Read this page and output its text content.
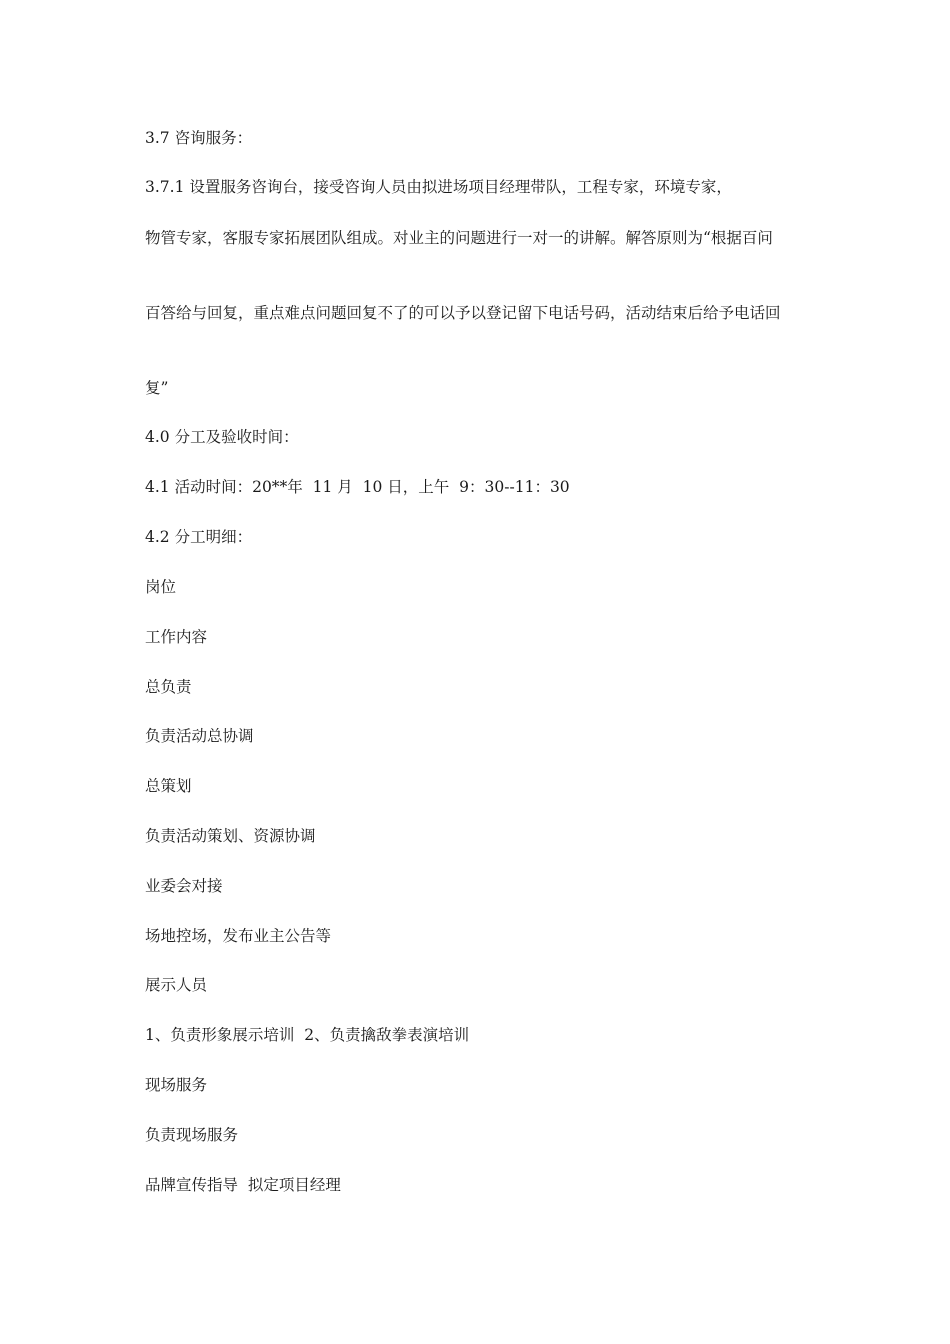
3.7 咨询服务：
3.7.1 设置服务咨询台，接受咨询人员由拟进场项目经理带队，工程专家，环境专家，
物管专家，客服专家拓展团队组成。对业主的问题进行一对一的讲解。解答原则为“根据百问
百答给与回复，重点难点问题回复不了的可以予以登记留下电话号码，活动结束后给予电话回
复”
4.0 分工及验收时间：
4.1 活动时间：20**年  11 月  10 日，上午  9：30--11：30
4.2 分工明细：
岗位
工作内容
总负责
负责活动总协调
总策划
负责活动策划、资源协调
业委会对接
场地控场，发布业主公告等
展示人员
1、负责形象展示培训  2、负责擒敌拳表演培训
现场服务
负责现场服务
品牌宣传指导  拟定项目经理
